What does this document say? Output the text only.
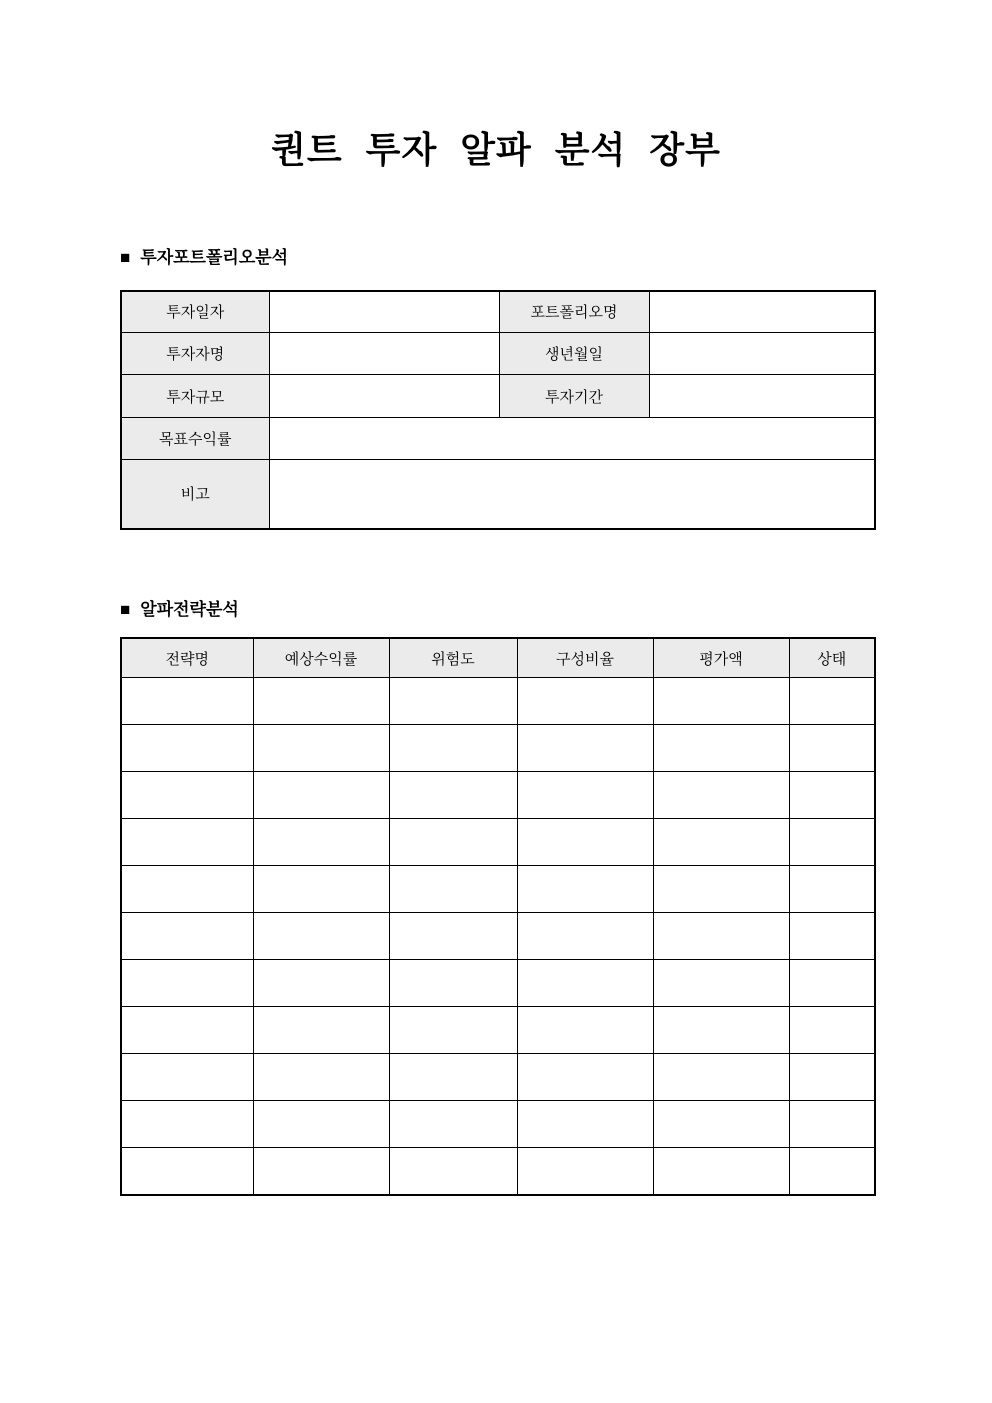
퀀트 투자 알파 분석 장부
■ 투자포트폴리오분석
투자일자		포트폴리오명	
투자자명		생년월일	
투자규모		투자기간	
목표수익률			
비고			
■ 알파전략분석
전략명	예상수익률	위험도	구성비율	평가액	상태
